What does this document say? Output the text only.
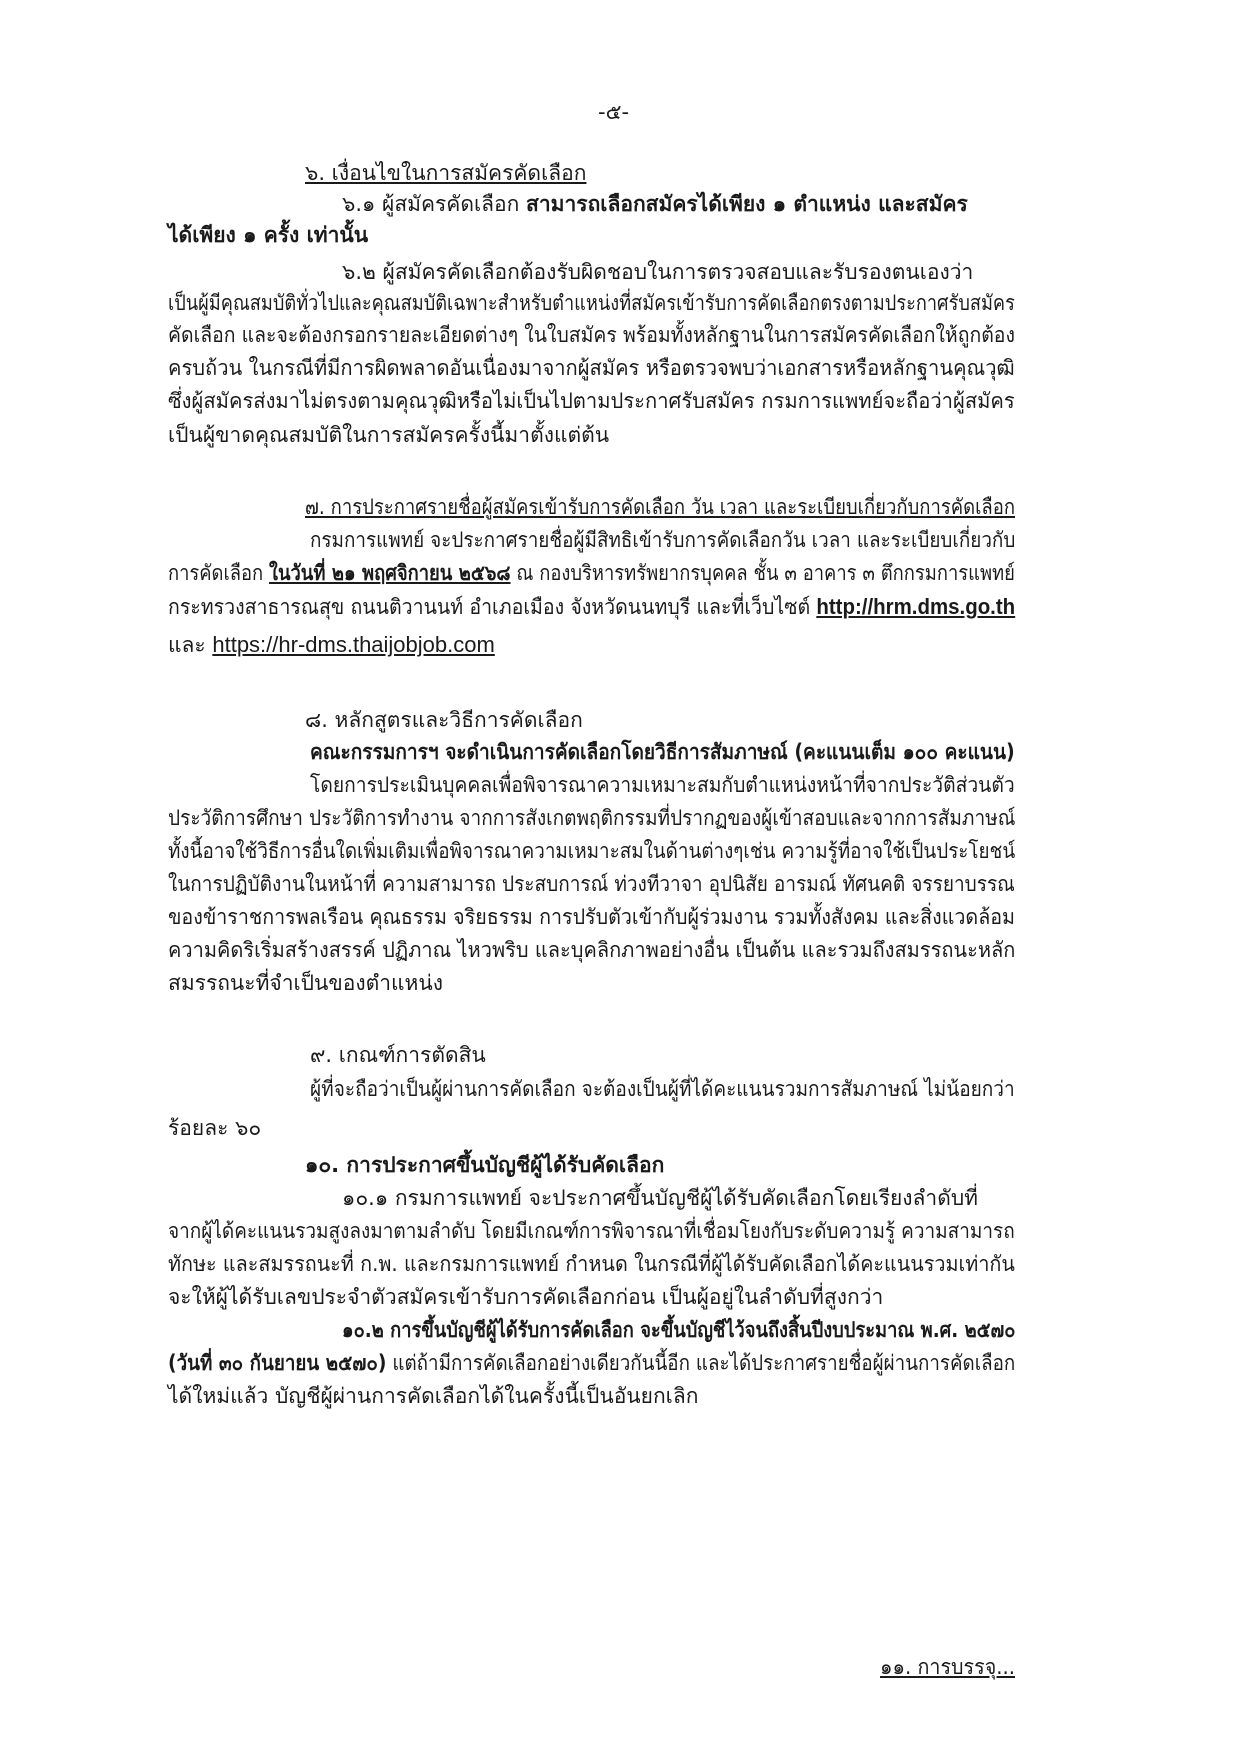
-๕-
๖. เงื่อนไขในการสมัครคัดเลือก
๖.๑ ผู้สมัครคัดเลือก สามารถเลือกสมัครได้เพียง ๑ ตำแหน่ง และสมัคร
ได้เพียง ๑ ครั้ง เท่านั้น
๖.๒ ผู้สมัครคัดเลือกต้องรับผิดชอบในการตรวจสอบและรับรองตนเองว่า
เป็นผู้มีคุณสมบัติทั่วไปและคุณสมบัติเฉพาะสำหรับตำแหน่งที่สมัครเข้ารับการคัดเลือกตรงตามประกาศรับสมัคร
คัดเลือก และจะต้องกรอกรายละเอียดต่างๆ ในใบสมัคร พร้อมทั้งหลักฐานในการสมัครคัดเลือกให้ถูกต้อง
ครบถ้วน ในกรณีที่มีการผิดพลาดอันเนื่องมาจากผู้สมัคร หรือตรวจพบว่าเอกสารหรือหลักฐานคุณวุฒิ
ซึ่งผู้สมัครส่งมาไม่ตรงตามคุณวุฒิหรือไม่เป็นไปตามประกาศรับสมัคร กรมการแพทย์จะถือว่าผู้สมัคร
เป็นผู้ขาดคุณสมบัติในการสมัครครั้งนี้มาตั้งแต่ต้น
๗. การประกาศรายชื่อผู้สมัครเข้ารับการคัดเลือก วัน เวลา และระเบียบเกี่ยวกับการคัดเลือก
กรมการแพทย์ จะประกาศรายชื่อผู้มีสิทธิเข้ารับการคัดเลือกวัน เวลา และระเบียบเกี่ยวกับ
การคัดเลือก ในวันที่ ๒๑ พฤศจิกายน ๒๕๖๘ ณ กองบริหารทรัพยากรบุคคล ชั้น ๓ อาคาร ๓ ตึกกรมการแพทย์
กระทรวงสาธารณสุข ถนนติวานนท์ อำเภอเมือง จังหวัดนนทบุรี และที่เว็บไซต์ http://hrm.dms.go.th
และ https://hr-dms.thaijobjob.com
๘. หลักสูตรและวิธีการคัดเลือก
คณะกรรมการฯ จะดำเนินการคัดเลือกโดยวิธีการสัมภาษณ์ (คะแนนเต็ม ๑๐๐ คะแนน)
โดยการประเมินบุคคลเพื่อพิจารณาความเหมาะสมกับตำแหน่งหน้าที่จากประวัติส่วนตัว
ประวัติการศึกษา ประวัติการทำงาน จากการสังเกตพฤติกรรมที่ปรากฏของผู้เข้าสอบและจากการสัมภาษณ์
ทั้งนี้อาจใช้วิธีการอื่นใดเพิ่มเติมเพื่อพิจารณาความเหมาะสมในด้านต่างๆเช่น ความรู้ที่อาจใช้เป็นประโยชน์
ในการปฏิบัติงานในหน้าที่ ความสามารถ ประสบการณ์ ท่วงทีวาจา อุปนิสัย อารมณ์ ทัศนคติ จรรยาบรรณ
ของข้าราชการพลเรือน คุณธรรม จริยธรรม การปรับตัวเข้ากับผู้ร่วมงาน รวมทั้งสังคม และสิ่งแวดล้อม
ความคิดริเริ่มสร้างสรรค์ ปฏิภาณ ไหวพริบ และบุคลิกภาพอย่างอื่น เป็นต้น และรวมถึงสมรรถนะหลัก
สมรรถนะที่จำเป็นของตำแหน่ง
๙. เกณฑ์การตัดสิน
ผู้ที่จะถือว่าเป็นผู้ผ่านการคัดเลือก จะต้องเป็นผู้ที่ได้คะแนนรวมการสัมภาษณ์ ไม่น้อยกว่า
ร้อยละ ๖๐
๑๐. การประกาศขึ้นบัญชีผู้ได้รับคัดเลือก
๑๐.๑ กรมการแพทย์ จะประกาศขึ้นบัญชีผู้ได้รับคัดเลือกโดยเรียงลำดับที่
จากผู้ได้คะแนนรวมสูงลงมาตามลำดับ โดยมีเกณฑ์การพิจารณาที่เชื่อมโยงกับระดับความรู้ ความสามารถ
ทักษะ และสมรรถนะที่ ก.พ. และกรมการแพทย์ กำหนด ในกรณีที่ผู้ได้รับคัดเลือกได้คะแนนรวมเท่ากัน
จะให้ผู้ได้รับเลขประจำตัวสมัครเข้ารับการคัดเลือกก่อน เป็นผู้อยู่ในลำดับที่สูงกว่า
๑๐.๒ การขึ้นบัญชีผู้ได้รับการคัดเลือก จะขึ้นบัญชีไว้จนถึงสิ้นปีงบประมาณ พ.ศ. ๒๕๗๐
(วันที่ ๓๐ กันยายน ๒๕๗๐) แต่ถ้ามีการคัดเลือกอย่างเดียวกันนี้อีก และได้ประกาศรายชื่อผู้ผ่านการคัดเลือก
ได้ใหม่แล้ว บัญชีผู้ผ่านการคัดเลือกได้ในครั้งนี้เป็นอันยกเลิก
๑๑. การบรรจุ...
